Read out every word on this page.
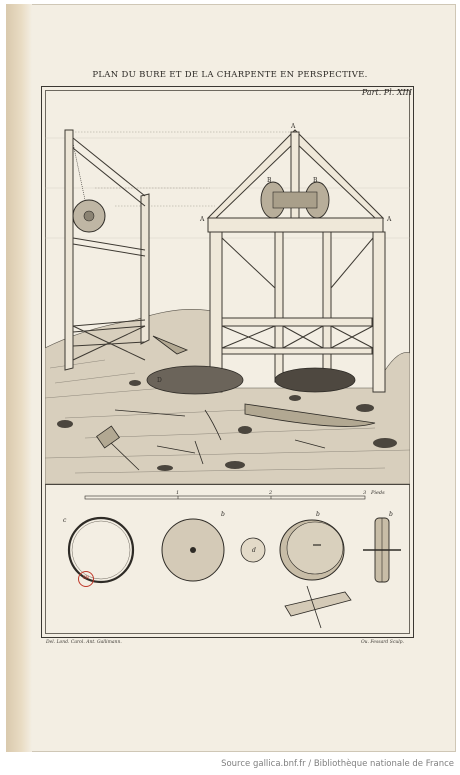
PLAN DU BURE ET DE LA CHARPENTE EN PERSPECTIVE.
Part. Pl. XIII
A
A	A
B	B
D
1	2	3 Pieds
c
b
d
b	b
BN
Del. Lond. Carol. Ant. Gallimann.	Ou. Fessard Sculp.
Source gallica.bnf.fr / Bibliothèque nationale de France
